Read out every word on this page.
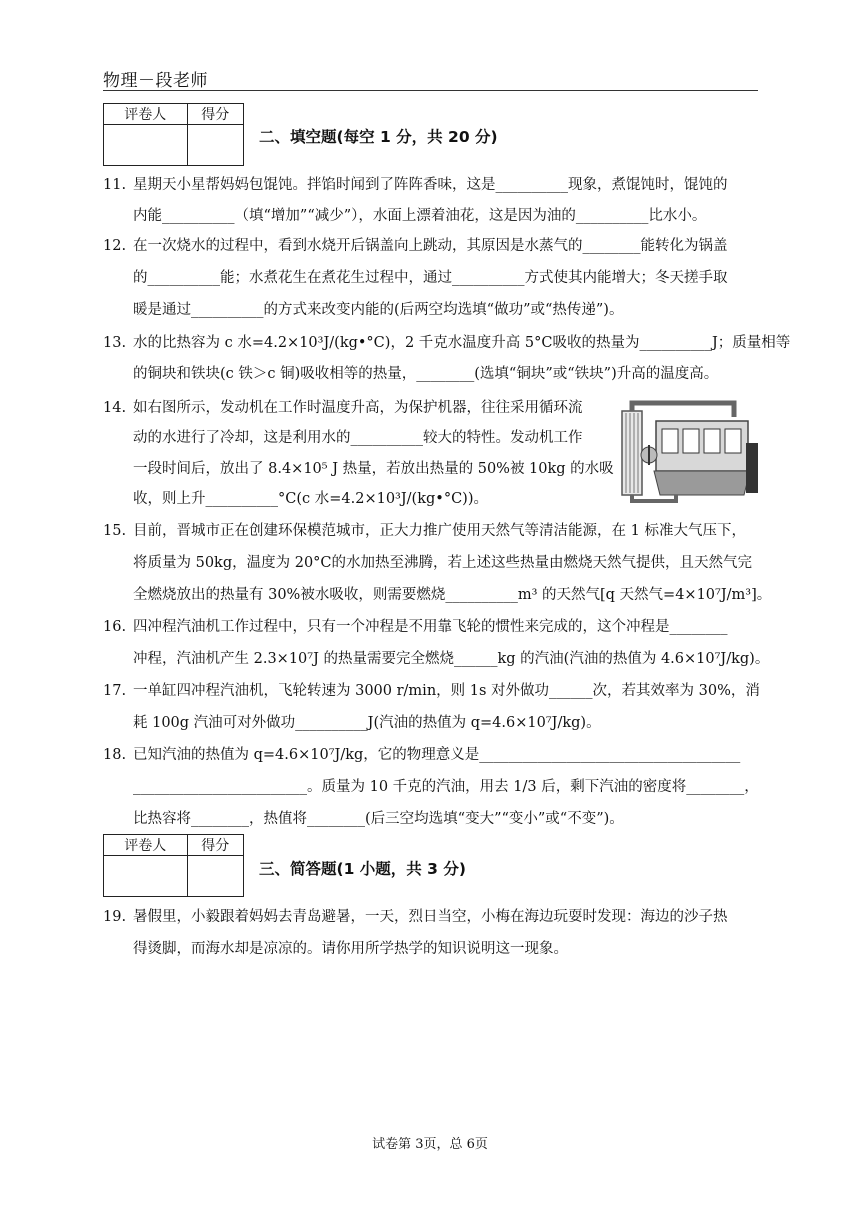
物理－段老师
评卷人	得分

二、填空题(每空 1 分，共 20 分)
11. 星期天小星帮妈妈包馄饨。拌馅时闻到了阵阵香味，这是__________现象，煮馄饨时，馄饨的
内能__________（填“增加”“减少”），水面上漂着油花，这是因为油的__________比水小。
12. 在一次烧水的过程中，看到水烧开后锅盖向上跳动，其原因是水蒸气的________能转化为锅盖
的__________能；水煮花生在煮花生过程中，通过__________方式使其内能增大；冬天搓手取
暖是通过__________的方式来改变内能的(后两空均选填“做功”或“热传递”)。
13. 水的比热容为 c 水=4.2×10³J/(kg•°C)，2 千克水温度升高 5°C吸收的热量为__________J；质量相等
的铜块和铁块(c 铁＞c 铜)吸收相等的热量，________(选填“铜块”或“铁块”)升高的温度高。
14. 如右图所示，发动机在工作时温度升高，为保护机器，往往采用循环流
动的水进行了冷却，这是利用水的__________较大的特性。发动机工作
一段时间后，放出了 8.4×10⁵ J 热量，若放出热量的 50%被 10kg 的水吸
收，则上升__________°C(c 水=4.2×10³J/(kg•°C))。
15. 目前，晋城市正在创建环保模范城市，正大力推广使用天然气等清洁能源，在 1 标准大气压下，
将质量为 50kg，温度为 20°C的水加热至沸腾，若上述这些热量由燃烧天然气提供，且天然气完
全燃烧放出的热量有 30%被水吸收，则需要燃烧__________m³ 的天然气[q 天然气=4×10⁷J/m³]。
16. 四冲程汽油机工作过程中，只有一个冲程是不用靠飞轮的惯性来完成的，这个冲程是________
冲程，汽油机产生 2.3×10⁷J 的热量需要完全燃烧______kg 的汽油(汽油的热值为 4.6×10⁷J/kg)。
17. 一单缸四冲程汽油机，飞轮转速为 3000 r/min，则 1s 对外做功______次，若其效率为 30%，消
耗 100g 汽油可对外做功__________J(汽油的热值为 q=4.6×10⁷J/kg)。
18. 已知汽油的热值为 q=4.6×10⁷J/kg，它的物理意义是____________________________________
________________________。质量为 10 千克的汽油，用去 1/3 后，剩下汽油的密度将________，
比热容将________，热值将________(后三空均选填“变大”“变小”或“不变”)。
评卷人	得分

三、简答题(1 小题，共 3 分)
19. 暑假里，小毅跟着妈妈去青岛避暑，一天，烈日当空，小梅在海边玩耍时发现：海边的沙子热
得烫脚，而海水却是凉凉的。请你用所学热学的知识说明这一现象。
试卷第 3页，总 6页
